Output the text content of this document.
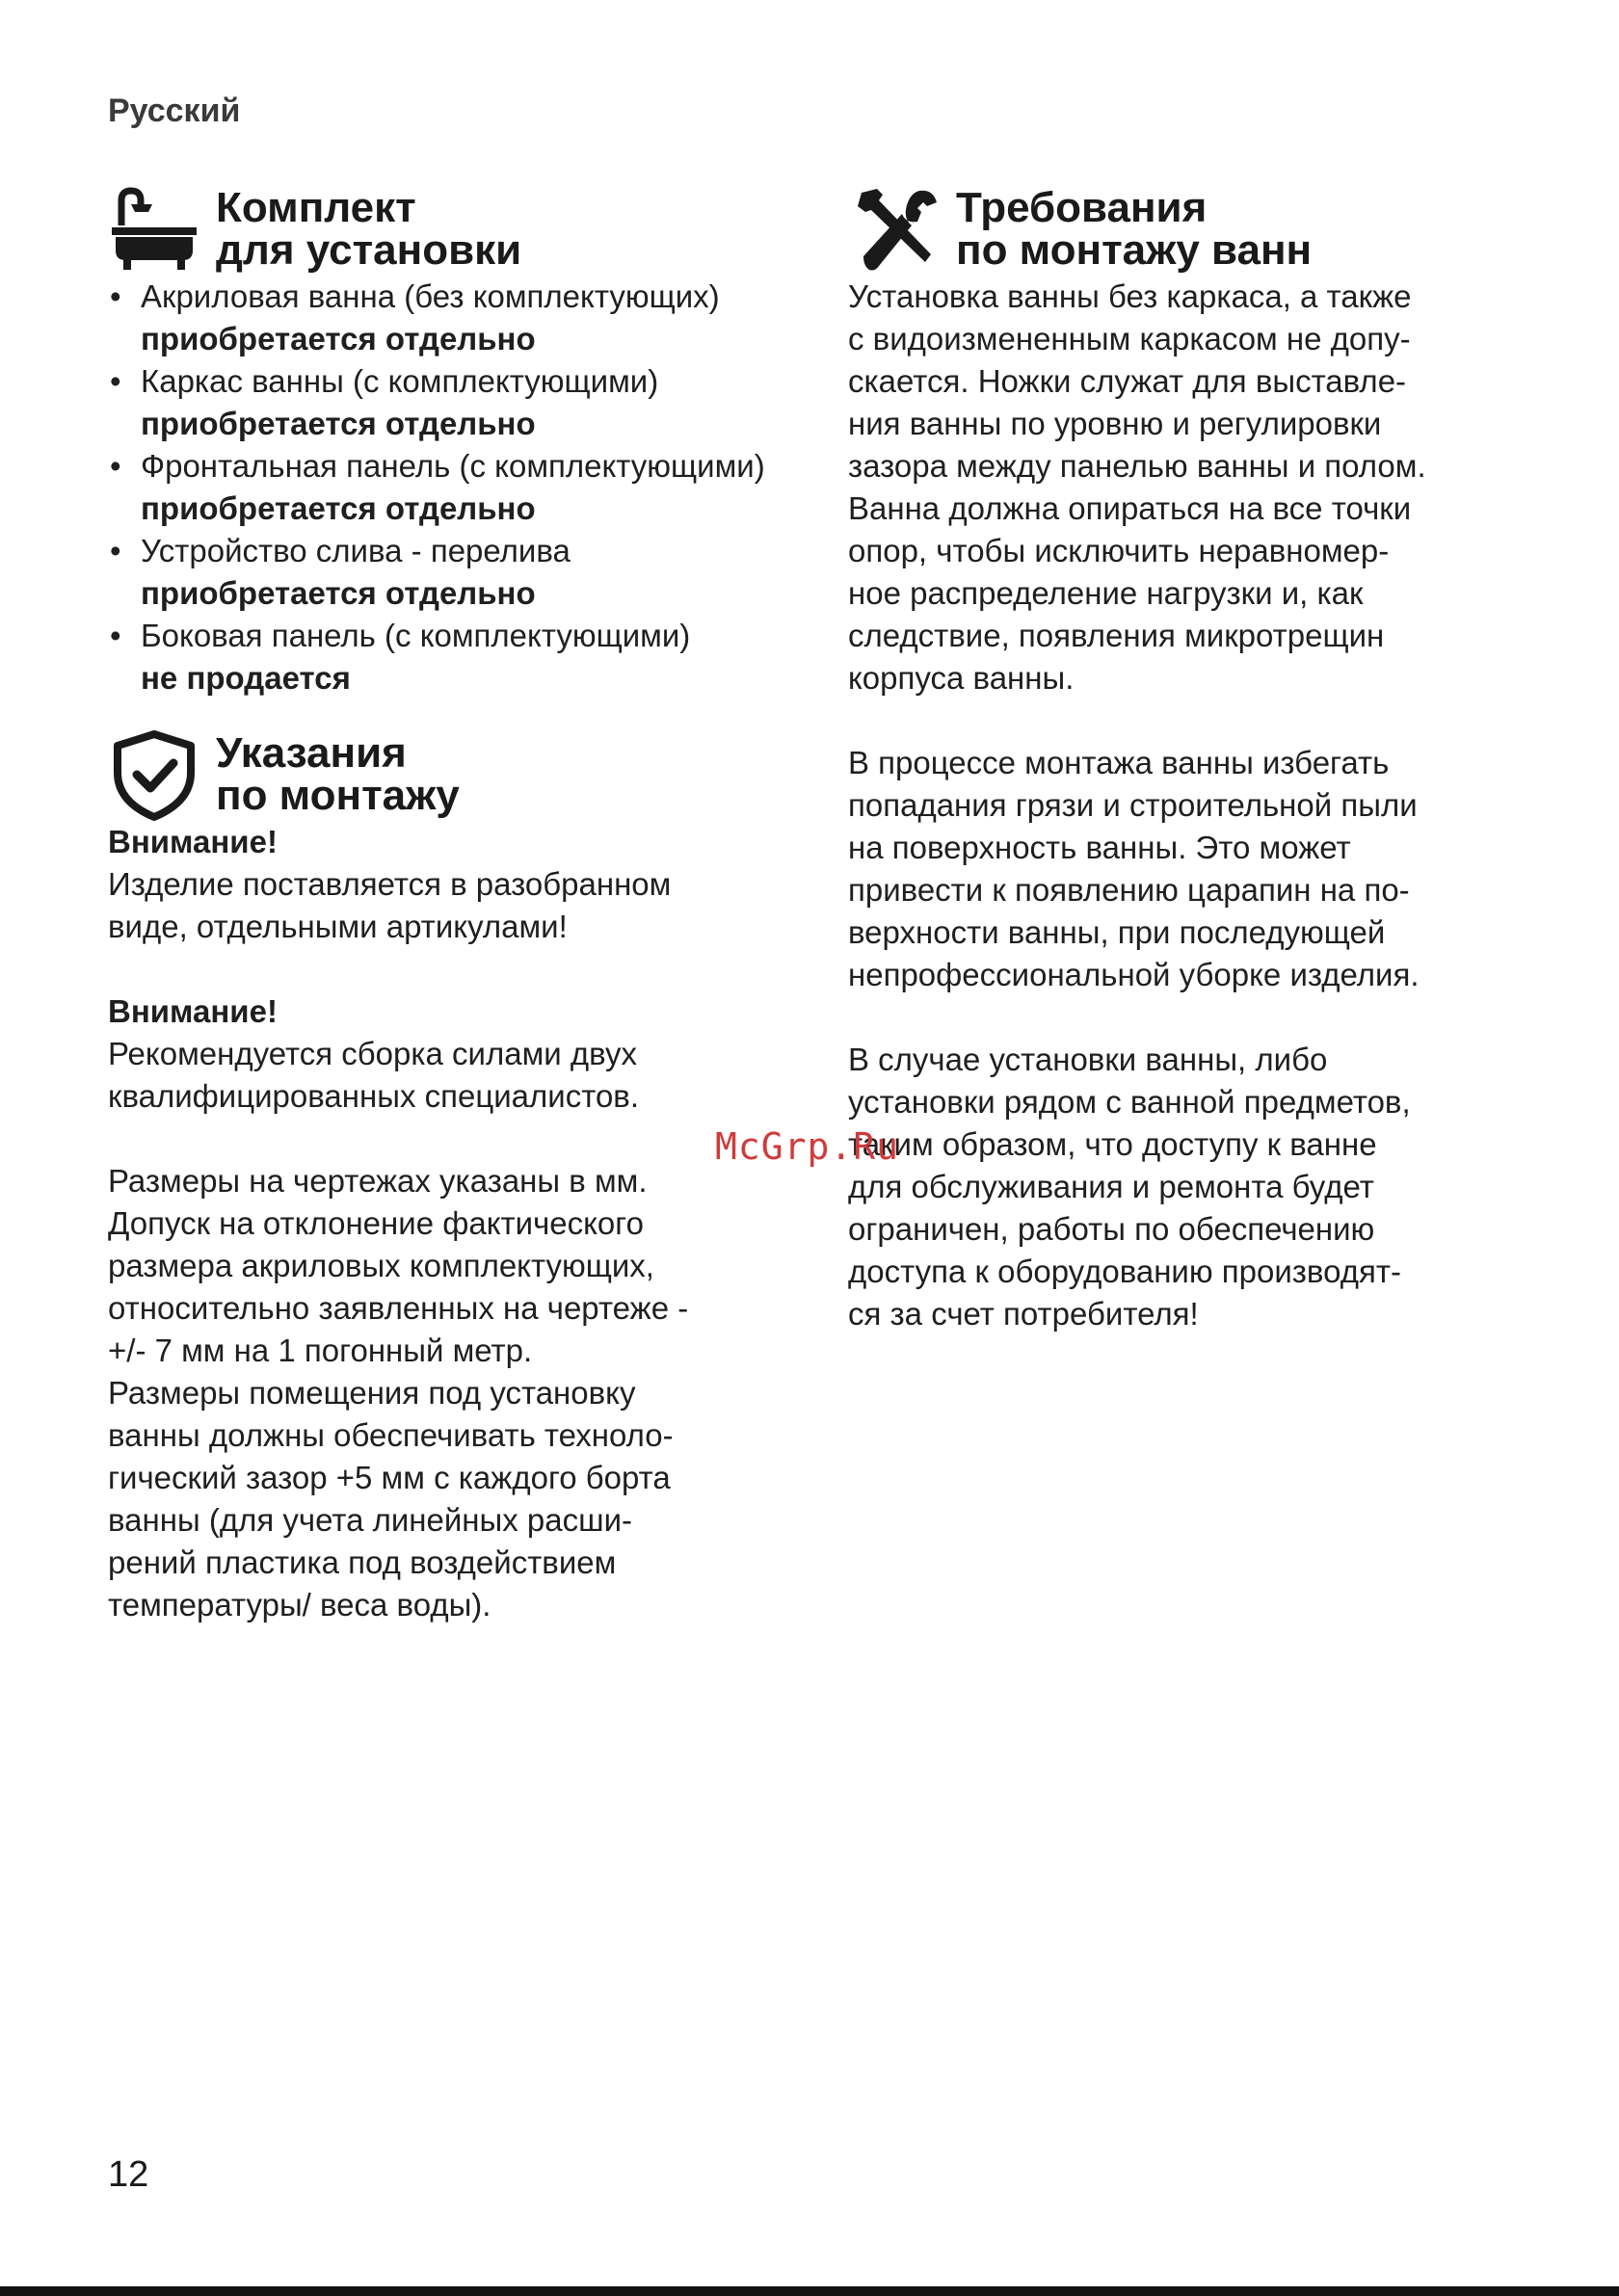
Русский
Комплект
для установки
• Акриловая ванна (без комплектующих)
приобретается отдельно
• Каркас ванны (с комплектующими)
приобретается отдельно
• Фронтальная панель (с комплектующими)
приобретается отдельно
• Устройство слива - перелива
приобретается отдельно
• Боковая панель (с комплектующими)
не продается
Указания
по монтажу
Внимание!
Изделие поставляется в разобранном
виде, отдельными артикулами!
Внимание!
Рекомендуется сборка силами двух
квалифицированных специалистов.
Размеры на чертежах указаны в мм.
Допуск на отклонение фактического
размера акриловых комплектующих,
относительно заявленных на чертеже -
+/- 7 мм на 1 погонный метр.
Размеры помещения под установку
ванны должны обеспечивать техноло-
гический зазор +5 мм с каждого борта
ванны (для учета линейных расши-
рений пластика под воздействием
температуры/ веса воды).
Требования
по монтажу ванн
Установка ванны без каркаса, а также
с видоизмененным каркасом не допу-
скается. Ножки служат для выставле-
ния ванны по уровню и регулировки
зазора между панелью ванны и полом.
Ванна должна опираться на все точки
опор, чтобы исключить неравномер-
ное распределение нагрузки и, как
следствие, появления микротрещин
корпуса ванны.
В процессе монтажа ванны избегать
попадания грязи и строительной пыли
на поверхность ванны. Это может
привести к появлению царапин на по-
верхности ванны, при последующей
непрофессиональной уборке изделия.
В случае установки ванны, либо
установки рядом с ванной предметов,
таким образом, что доступу к ванне
для обслуживания и ремонта будет
ограничен, работы по обеспечению
доступа к оборудованию производят-
ся за счет потребителя!
McGrp.Ru
12
